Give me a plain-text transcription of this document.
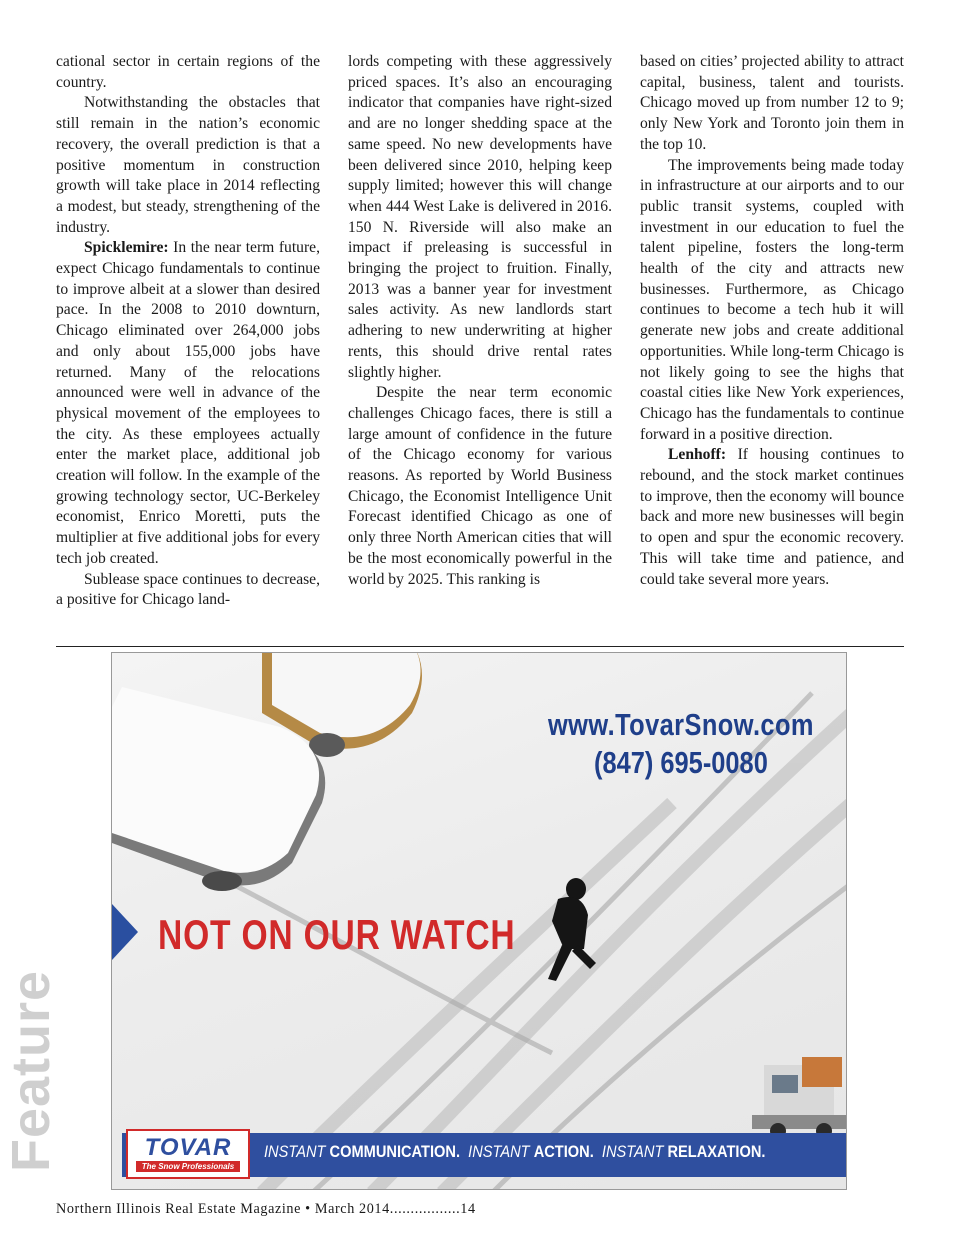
cational sector in certain regions of the country.

Notwithstanding the obstacles that still remain in the nation’s economic recovery, the overall prediction is that a positive momentum in construction growth will take place in 2014 reflecting a modest, but steady, strengthening of the industry.

Spicklemire: In the near term future, expect Chicago fundamentals to continue to improve albeit at a slower than desired pace. In the 2008 to 2010 downturn, Chicago eliminated over 264,000 jobs and only about 155,000 jobs have returned. Many of the relocations announced were well in advance of the physical movement of the employees to the city. As these employees actually enter the market place, additional job creation will follow. In the example of the growing technology sector, UC-Berkeley economist, Enrico Moretti, puts the multiplier at five additional jobs for every tech job created.

Sublease space continues to decrease, a positive for Chicago land-

lords competing with these aggressively priced spaces. It’s also an encouraging indicator that companies have right-sized and are no longer shedding space at the same speed. No new developments have been delivered since 2010, helping keep supply limited; however this will change when 444 West Lake is delivered in 2016. 150 N. Riverside will also make an impact if preleasing is successful in bringing the project to fruition. Finally, 2013 was a banner year for investment sales activity. As new landlords start adhering to new underwriting at higher rents, this should drive rental rates slightly higher.

Despite the near term economic challenges Chicago faces, there is still a large amount of confidence in the future of the Chicago economy for various reasons. As reported by World Business Chicago, the Economist Intelligence Unit Forecast identified Chicago as one of only three North American cities that will be the most economically powerful in the world by 2025. This ranking is

based on cities’ projected ability to attract capital, business, talent and tourists. Chicago moved up from number 12 to 9; only New York and Toronto join them in the top 10.

The improvements being made today in infrastructure at our airports and to our public transit systems, coupled with investment in our education to fuel the talent pipeline, fosters the long-term health of the city and attracts new businesses. Furthermore, as Chicago continues to become a tech hub it will generate new jobs and create additional opportunities. While long-term Chicago is not likely going to see the highs that coastal cities like New York experiences, Chicago has the fundamentals to continue forward in a positive direction.

Lenhoff: If housing continues to rebound, and the stock market continues to improve, then the economy will bounce back and more new businesses will begin to open and spur the economic recovery. This will take time and patience, and could take several more years.

Feature
www.TovarSnow.com
(847) 695-0080
NOT ON OUR WATCH
TOVAR
The Snow Professionals
INSTANT COMMUNICATION. INSTANT ACTION. INSTANT RELAXATION.
Northern Illinois Real Estate Magazine • March 2014.................14
